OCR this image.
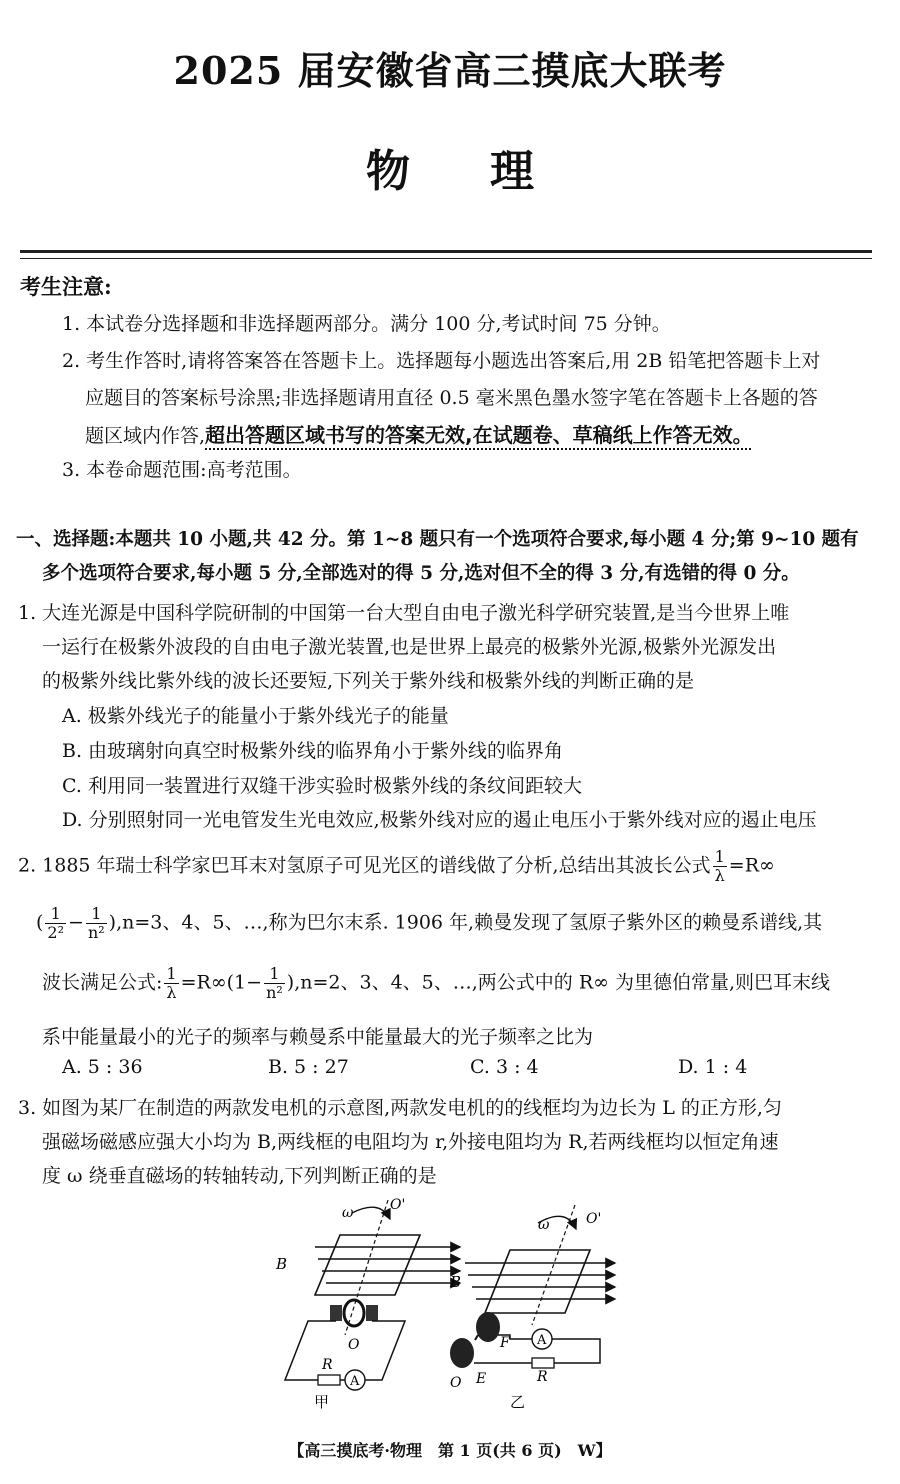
2025 届安徽省高三摸底大联考
物理
考生注意:
1. 本试卷分选择题和非选择题两部分。满分 100 分,考试时间 75 分钟。
2. 考生作答时,请将答案答在答题卡上。选择题每小题选出答案后,用 2B 铅笔把答题卡上对
应题目的答案标号涂黑;非选择题请用直径 0.5 毫米黑色墨水签字笔在答题卡上各题的答
题区域内作答,超出答题区域书写的答案无效,在试题卷、草稿纸上作答无效。
3. 本卷命题范围:高考范围。
一、选择题:本题共 10 小题,共 42 分。第 1~8 题只有一个选项符合要求,每小题 4 分;第 9~10 题有
多个选项符合要求,每小题 5 分,全部选对的得 5 分,选对但不全的得 3 分,有选错的得 0 分。
1. 大连光源是中国科学院研制的中国第一台大型自由电子激光科学研究装置,是当今世界上唯
一运行在极紫外波段的自由电子激光装置,也是世界上最亮的极紫外光源,极紫外光源发出
的极紫外线比紫外线的波长还要短,下列关于紫外线和极紫外线的判断正确的是
A. 极紫外线光子的能量小于紫外线光子的能量
B. 由玻璃射向真空时极紫外线的临界角小于紫外线的临界角
C. 利用同一装置进行双缝干涉实验时极紫外线的条纹间距较大
D. 分别照射同一光电管发生光电效应,极紫外线对应的遏止电压小于紫外线对应的遏止电压
2. 1885 年瑞士科学家巴耳末对氢原子可见光区的谱线做了分析,总结出其波长公式 $\frac{1}{\lambda} =R\infty$
( $\frac{1}{\text{2²}} - \frac{1}{\text{n²}} ),n=3$、4、5、…,称为巴尔末系. 1906 年,赖曼发现了氢原子紫外区的赖曼系谱线,其
波长满足公式: $\frac{1}{\lambda} =R\infty(1- \frac{1}{\text{n²}} ),n=2$、3、4、5、…,两公式中的 R∞ 为里德伯常量,则巴耳末线
系中能量最小的光子的频率与赖曼系中能量最大的光子频率之比为
A. 5 : 36	B. 5 : 27	C. 3 : 4	D. 1 : 4
3. 如图为某厂在制造的两款发电机的示意图,两款发电机的的线框均为边长为 L 的正方形,匀
强磁场磁感应强大小均为 B,两线框的电阻均为 r,外接电阻均为 R,若两线框均以恒定角速
度 ω 绕垂直磁场的转轴转动,下列判断正确的是
B
ω	O'
O
R
A
甲
B
ω	O'
F
E
O	R
A
乙
【高三摸底考·物理　第 1 页(共 6 页)　W】
